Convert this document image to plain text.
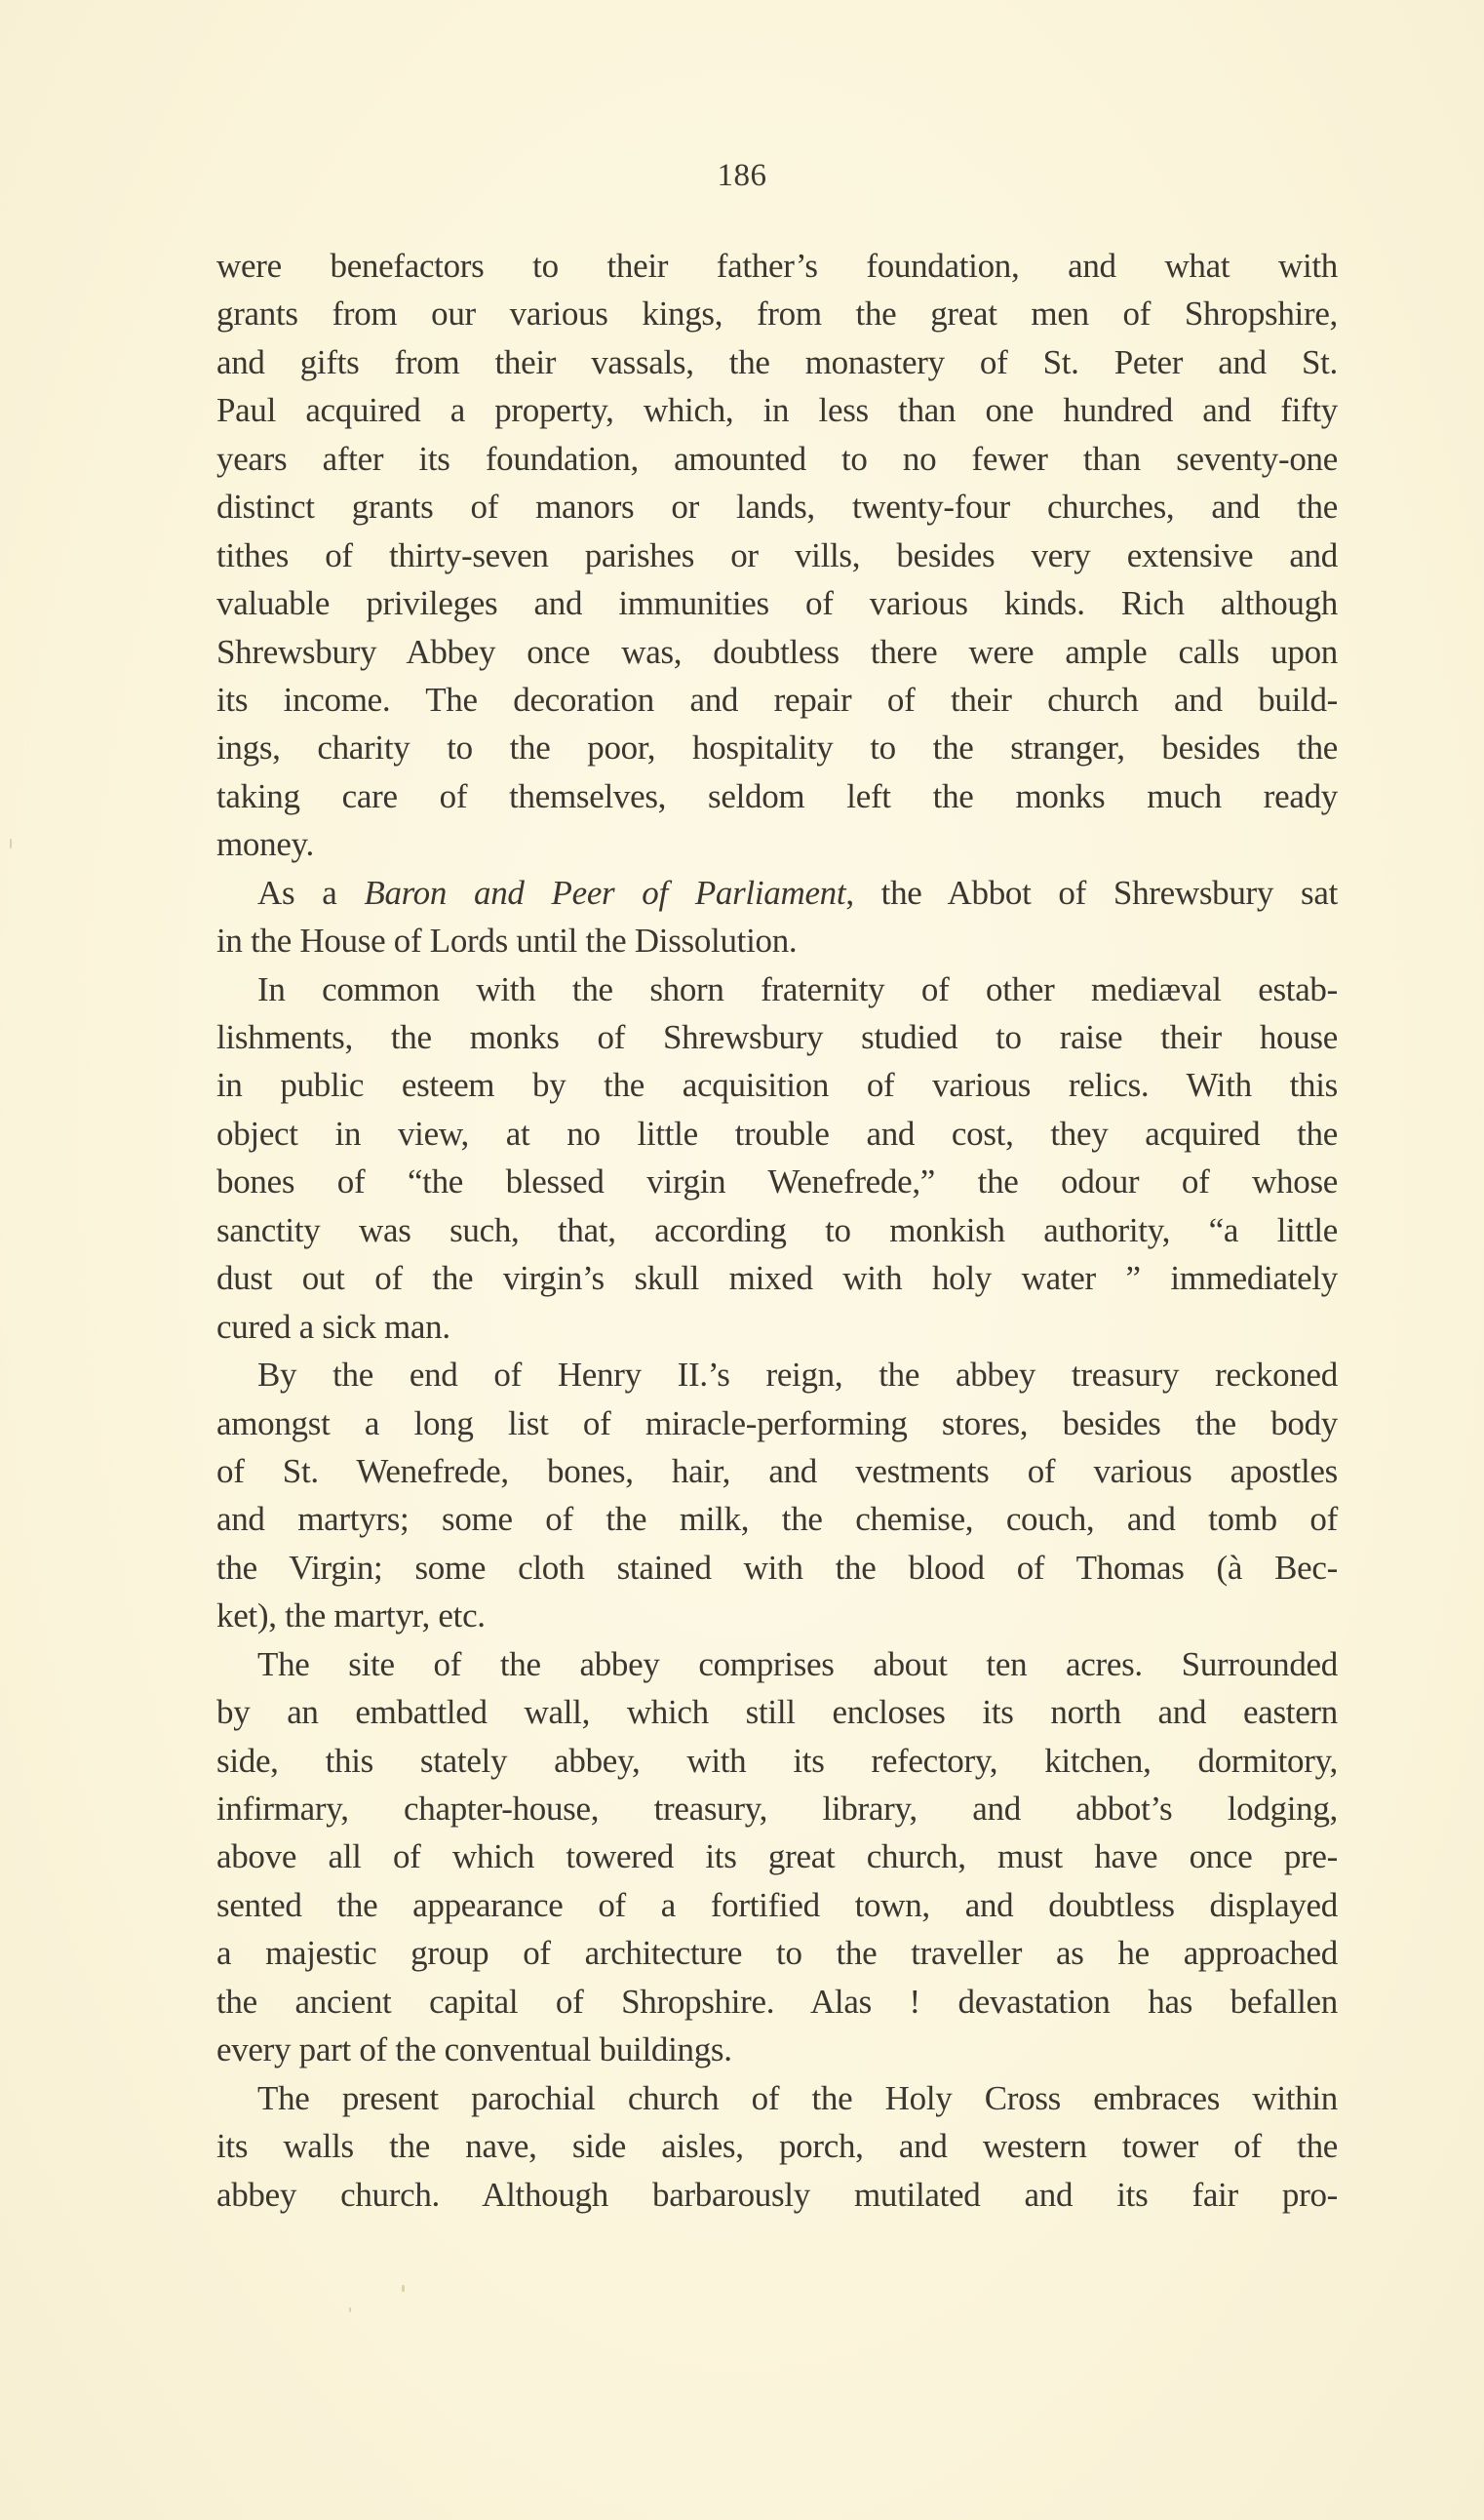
186
were benefactors to their father’s foundation, and what with
grants from our various kings, from the great men of Shropshire,
and gifts from their vassals, the monastery of St. Peter and St.
Paul acquired a property, which, in less than one hundred and fifty
years after its foundation, amounted to no fewer than seventy-one
distinct grants of manors or lands, twenty-four churches, and the
tithes of thirty-seven parishes or vills, besides very extensive and
valuable privileges and immunities of various kinds. Rich although
Shrewsbury Abbey once was, doubtless there were ample calls upon
its income. The decoration and repair of their church and build-
ings, charity to the poor, hospitality to the stranger, besides the
taking care of themselves, seldom left the monks much ready
money.
As a Baron and Peer of Parliament, the Abbot of Shrewsbury sat
in the House of Lords until the Dissolution.
In common with the shorn fraternity of other mediæval estab-
lishments, the monks of Shrewsbury studied to raise their house
in public esteem by the acquisition of various relics. With this
object in view, at no little trouble and cost, they acquired the
bones of “the blessed virgin Wenefrede,” the odour of whose
sanctity was such, that, according to monkish authority, “a little
dust out of the virgin’s skull mixed with holy water ” immediately
cured a sick man.
By the end of Henry II.’s reign, the abbey treasury reckoned
amongst a long list of miracle-performing stores, besides the body
of St. Wenefrede, bones, hair, and vestments of various apostles
and martyrs; some of the milk, the chemise, couch, and tomb of
the Virgin; some cloth stained with the blood of Thomas (à Bec-
ket), the martyr, etc.
The site of the abbey comprises about ten acres. Surrounded
by an embattled wall, which still encloses its north and eastern
side, this stately abbey, with its refectory, kitchen, dormitory,
infirmary, chapter-house, treasury, library, and abbot’s lodging,
above all of which towered its great church, must have once pre-
sented the appearance of a fortified town, and doubtless displayed
a majestic group of architecture to the traveller as he approached
the ancient capital of Shropshire. Alas ! devastation has befallen
every part of the conventual buildings.
The present parochial church of the Holy Cross embraces within
its walls the nave, side aisles, porch, and western tower of the
abbey church. Although barbarously mutilated and its fair pro-
